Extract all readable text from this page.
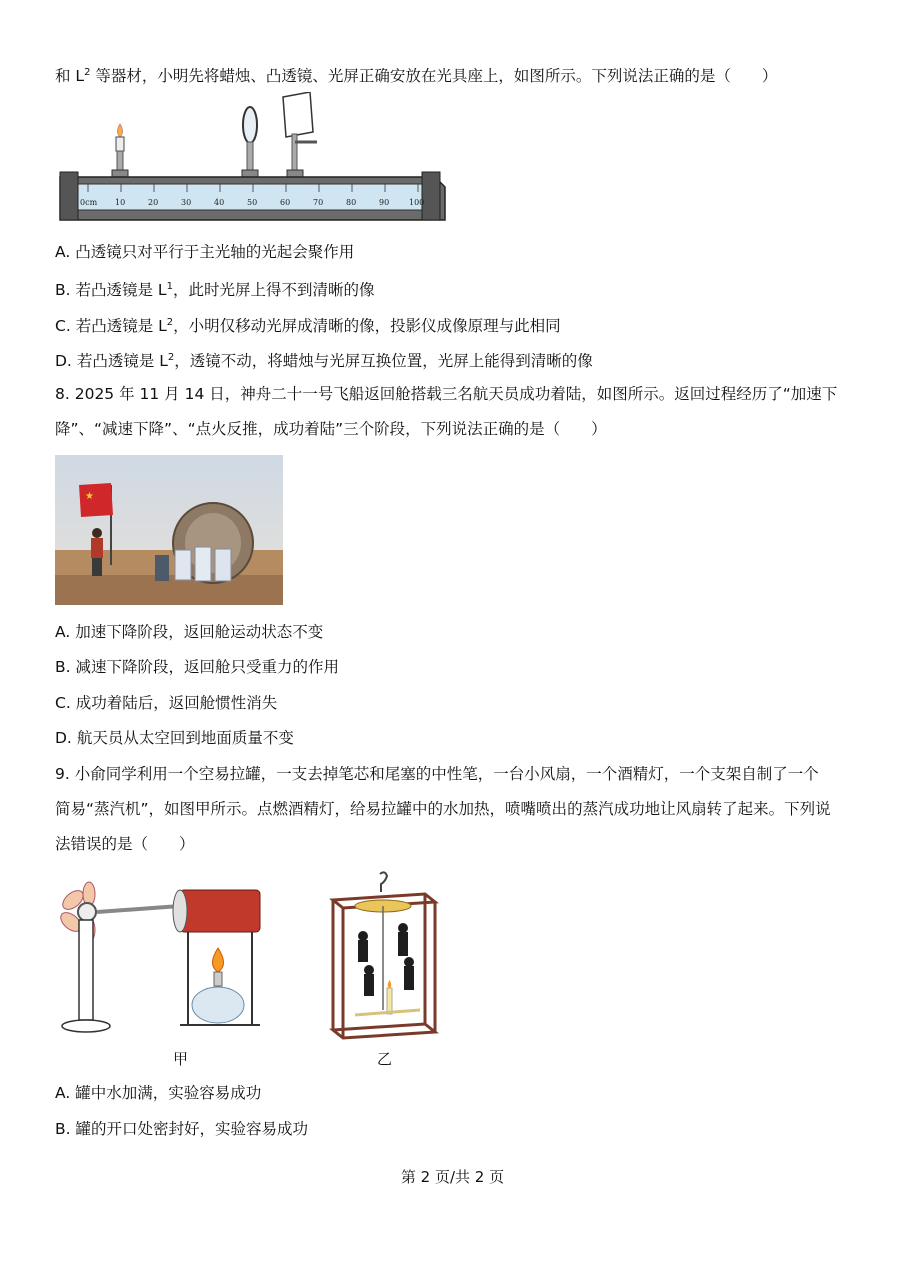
和 $L^2$ 等器材，小明先将蜡烛、凸透镜、光屏正确安放在光具座上，如图所示。下列说法正确的是（　　）
0cm 10	20	30	40	50	60	70	80	90 100
A. 凸透镜只对平行于主光轴的光起会聚作用
B. 若凸透镜是 $L^1$，此时光屏上得不到清晰的像
C. 若凸透镜是 $L^2$，小明仅移动光屏成清晰的像，投影仪成像原理与此相同
D. 若凸透镜是 $L^2$，透镜不动，将蜡烛与光屏互换位置，光屏上能得到清晰的像
8. 2025 年 11 月 14 日，神舟二十一号飞船返回舱搭载三名航天员成功着陆，如图所示。返回过程经历了“加速下
降”、“减速下降”、“点火反推，成功着陆”三个阶段，下列说法正确的是（　　）
★
A. 加速下降阶段，返回舱运动状态不变
B. 减速下降阶段，返回舱只受重力的作用
C. 成功着陆后，返回舱惯性消失
D. 航天员从太空回到地面质量不变
9. 小俞同学利用一个空易拉罐，一支去掉笔芯和尾塞的中性笔，一台小风扇，一个酒精灯，一个支架自制了一个
简易“蒸汽机”，如图甲所示。点燃酒精灯，给易拉罐中的水加热，喷嘴喷出的蒸汽成功地让风扇转了起来。下列说
法错误的是（　　）
甲	乙
A. 罐中水加满，实验容易成功
B. 罐的开口处密封好，实验容易成功
第 2 页/共 2 页
